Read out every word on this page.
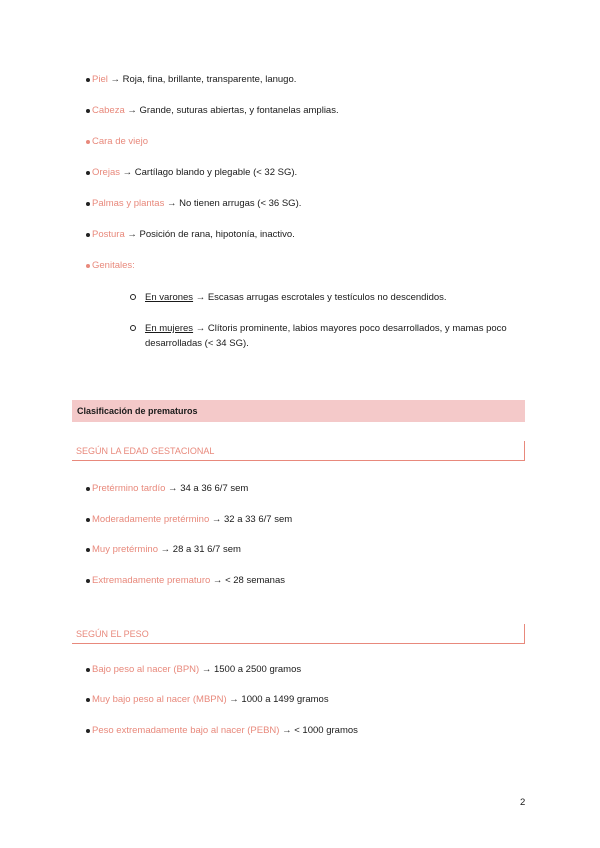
Piel → Roja, fina, brillante, transparente, lanugo.
Cabeza → Grande, suturas abiertas, y fontanelas amplias.
Cara de viejo
Orejas → Cartílago blando y plegable (< 32 SG).
Palmas y plantas → No tienen arrugas (< 36 SG).
Postura → Posición de rana, hipotonía, inactivo.
Genitales:
En varones → Escasas arrugas escrotales y testículos no descendidos.
En mujeres → Clítoris prominente, labios mayores poco desarrollados, y mamas poco desarrolladas (< 34 SG).
Clasificación de prematuros
SEGÚN LA EDAD GESTACIONAL
Pretérmino tardío → 34 a 36 6/7 sem
Moderadamente pretérmino → 32 a 33 6/7 sem
Muy pretérmino → 28 a 31 6/7 sem
Extremadamente prematuro → < 28 semanas
SEGÚN EL PESO
Bajo peso al nacer (BPN) → 1500 a 2500 gramos
Muy bajo peso al nacer (MBPN) → 1000 a 1499 gramos
Peso extremadamente bajo al nacer (PEBN) → < 1000 gramos
2
